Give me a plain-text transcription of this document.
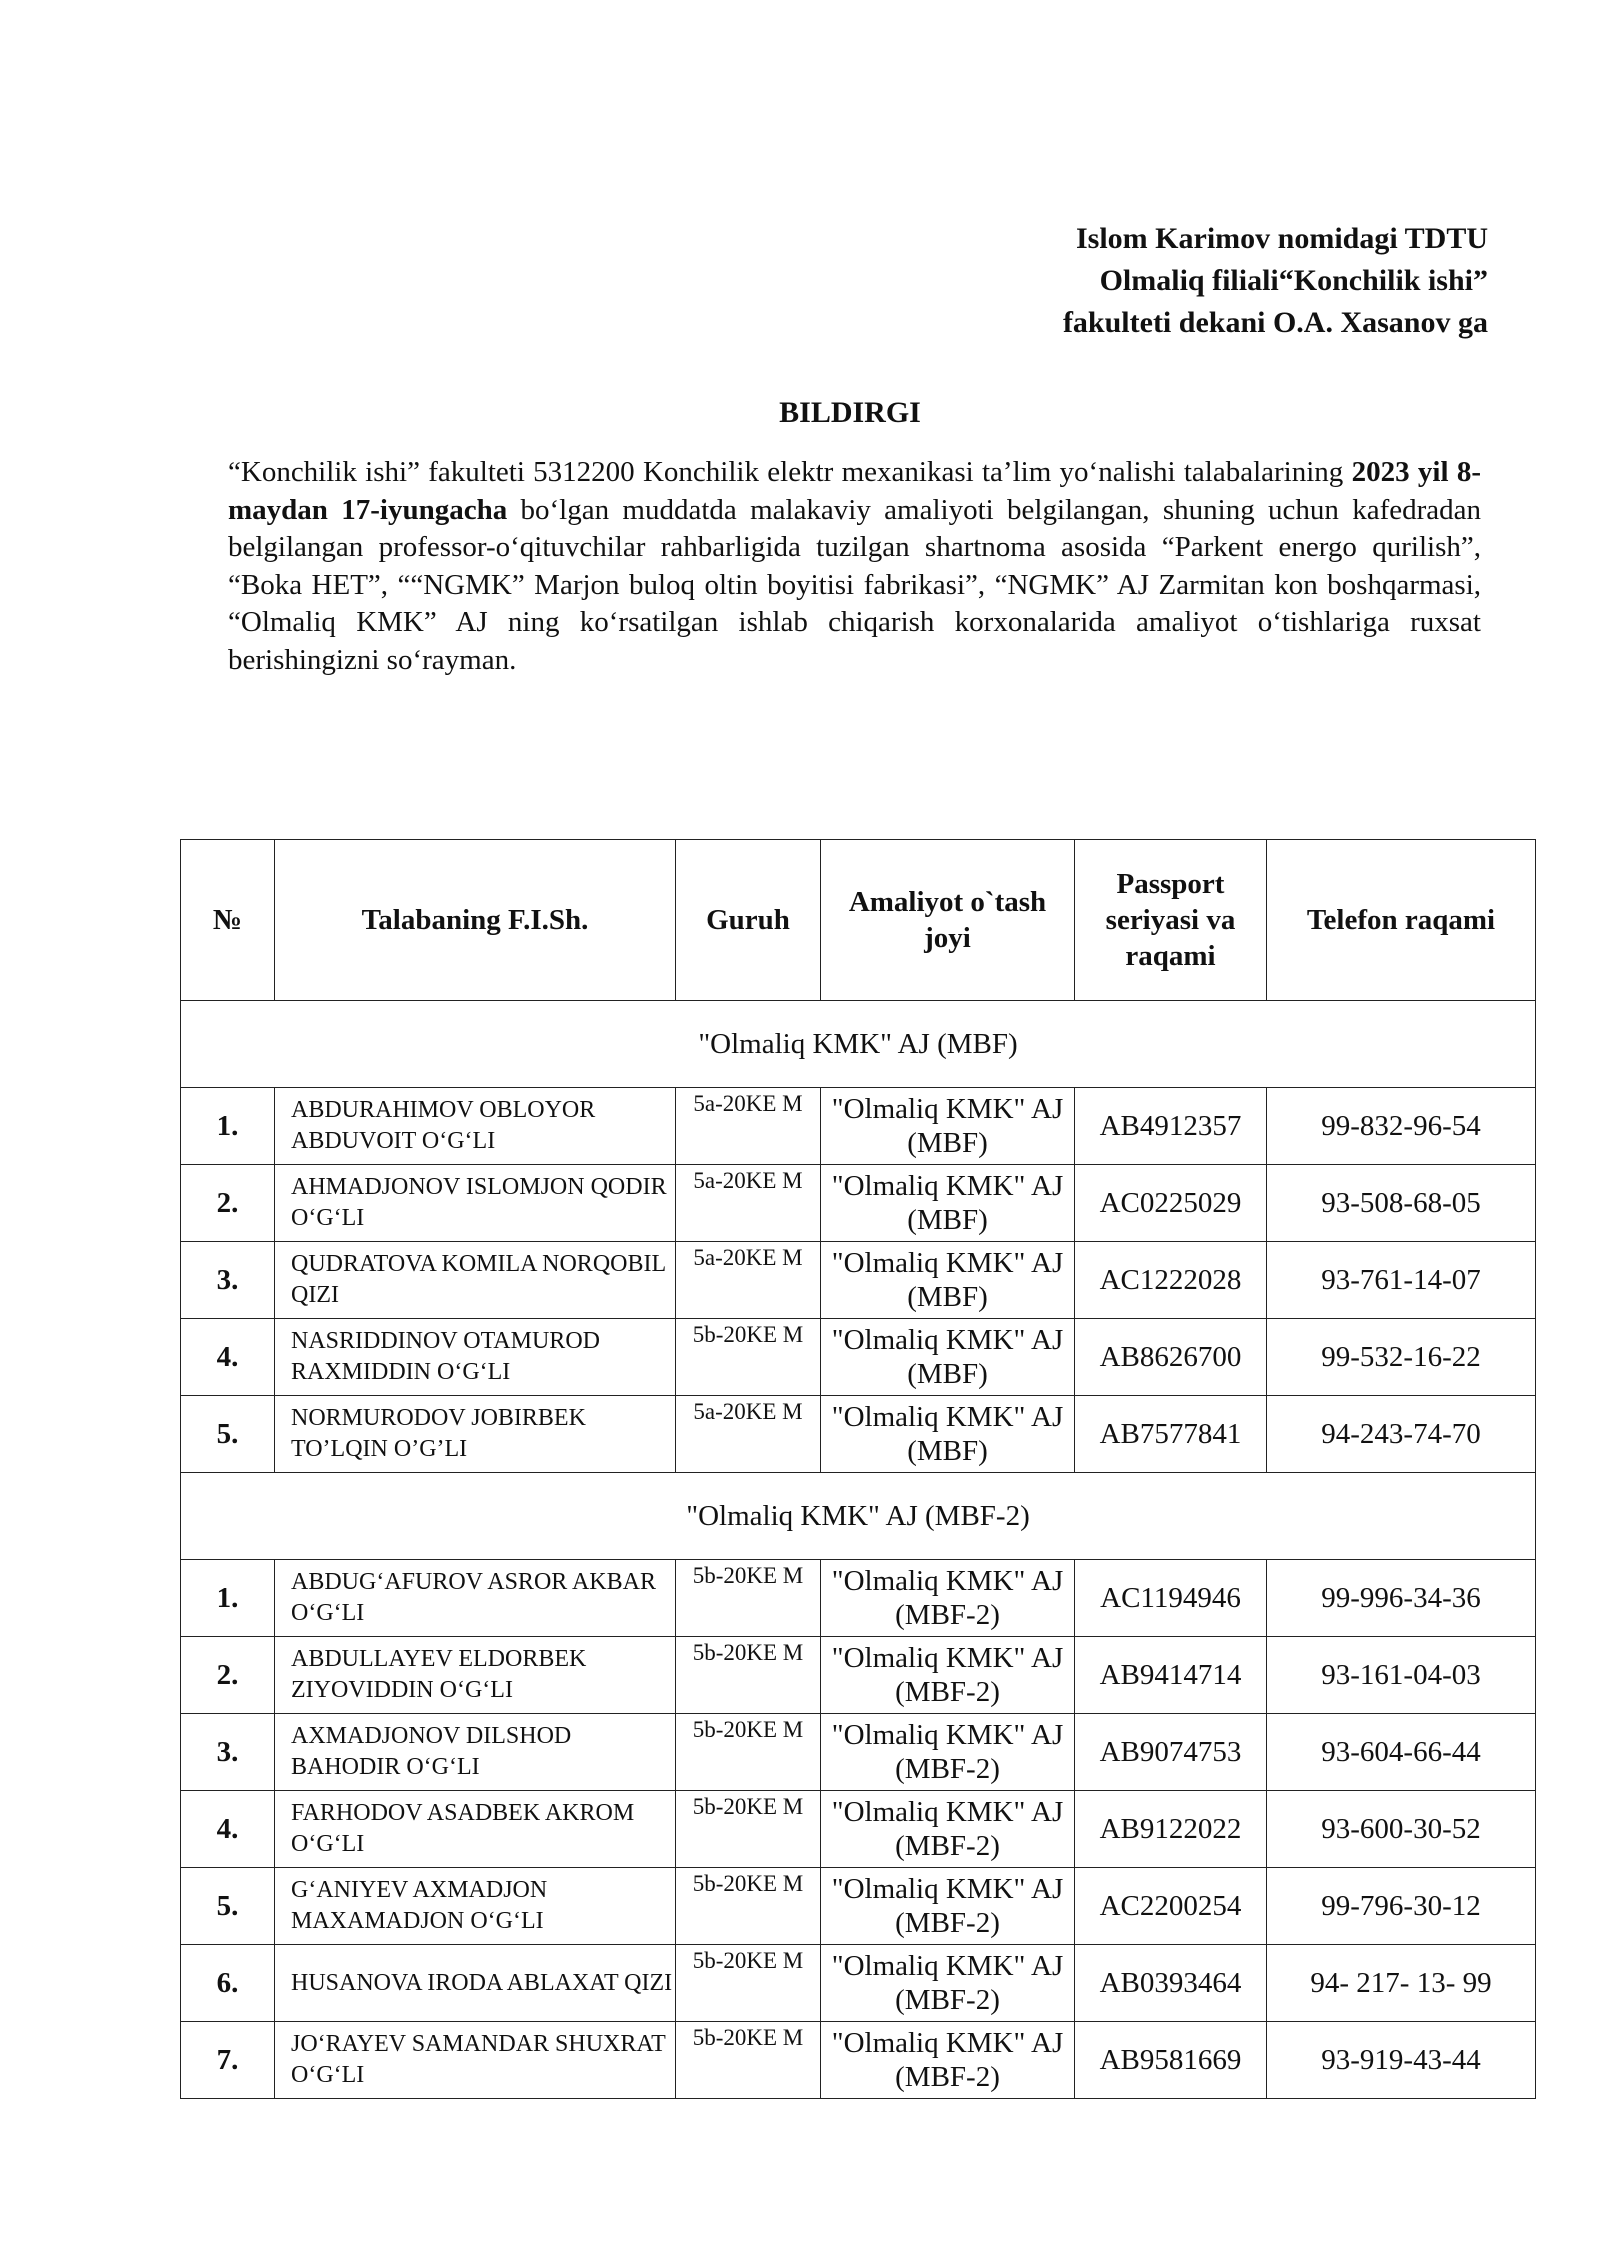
Islom Karimov nomidagi TDTU
Olmaliq filiali“Konchilik ishi”
fakulteti dekani O.A. Xasanov ga
BILDIRGI

“Konchilik ishi” fakulteti 5312200 Konchilik elektr mexanikasi ta’lim yo‘nalishi talabalarining 2023 yil 8- maydan 17-iyungacha bo‘lgan muddatda malakaviy amaliyoti belgilangan, shuning uchun kafedradan belgilangan professor-o‘qituvchilar rahbarligida tuzilgan shartnoma asosida “Parkent energo qurilish”, “Boka HET”, ““NGMK” Marjon buloq oltin boyitisi fabrikasi”, “NGMK” AJ Zarmitan kon boshqarmasi, “Olmaliq KMK” AJ ning ko‘rsatilgan ishlab chiqarish korxonalarida amaliyot o‘tishlariga ruxsat berishingizni so‘rayman.

№	Talabaning F.I.Sh.	Guruh	Amaliyot o`tash joyi	Passport seriyasi va raqami	Telefon raqami
"Olmaliq KMK" AJ (MBF)					
1.	ABDURAHIMOV OBLOYOR ABDUVOIT O‘G‘LI	5a-20KE M	"Olmaliq KMK" AJ (MBF)	AB4912357	99-832-96-54
2.	AHMADJONOV ISLOMJON QODIR O‘G‘LI	5a-20KE M	"Olmaliq KMK" AJ (MBF)	AC0225029	93-508-68-05
3.	QUDRATOVA KOMILA NORQOBIL QIZI	5a-20KE M	"Olmaliq KMK" AJ (MBF)	AC1222028	93-761-14-07
4.	NASRIDDINOV OTAMUROD RAXMIDDIN O‘G‘LI	5b-20KE M	"Olmaliq KMK" AJ (MBF)	AB8626700	99-532-16-22
5.	NORMURODOV JOBIRBEK TO’LQIN O’G’LI	5a-20KE M	"Olmaliq KMK" AJ (MBF)	AB7577841	94-243-74-70
"Olmaliq KMK" AJ (MBF-2)					
1.	ABDUG‘AFUROV ASROR AKBAR O‘G‘LI	5b-20KE M	"Olmaliq KMK" AJ (MBF-2)	AC1194946	99-996-34-36
2.	ABDULLAYEV ELDORBEK ZIYOVIDDIN O‘G‘LI	5b-20KE M	"Olmaliq KMK" AJ (MBF-2)	AB9414714	93-161-04-03
3.	AXMADJONOV DILSHOD BAHODIR O‘G‘LI	5b-20KE M	"Olmaliq KMK" AJ (MBF-2)	AB9074753	93-604-66-44
4.	FARHODOV ASADBEK AKROM O‘G‘LI	5b-20KE M	"Olmaliq KMK" AJ (MBF-2)	AB9122022	93-600-30-52
5.	G‘ANIYEV AXMADJON MAXAMADJON O‘G‘LI	5b-20KE M	"Olmaliq KMK" AJ (MBF-2)	AC2200254	99-796-30-12
6.	HUSANOVA IRODA ABLAXAT QIZI	5b-20KE M	"Olmaliq KMK" AJ (MBF-2)	AB0393464	94- 217- 13- 99
7.	JO‘RAYEV SAMANDAR SHUXRAT O‘G‘LI	5b-20KE M	"Olmaliq KMK" AJ (MBF-2)	AB9581669	93-919-43-44
